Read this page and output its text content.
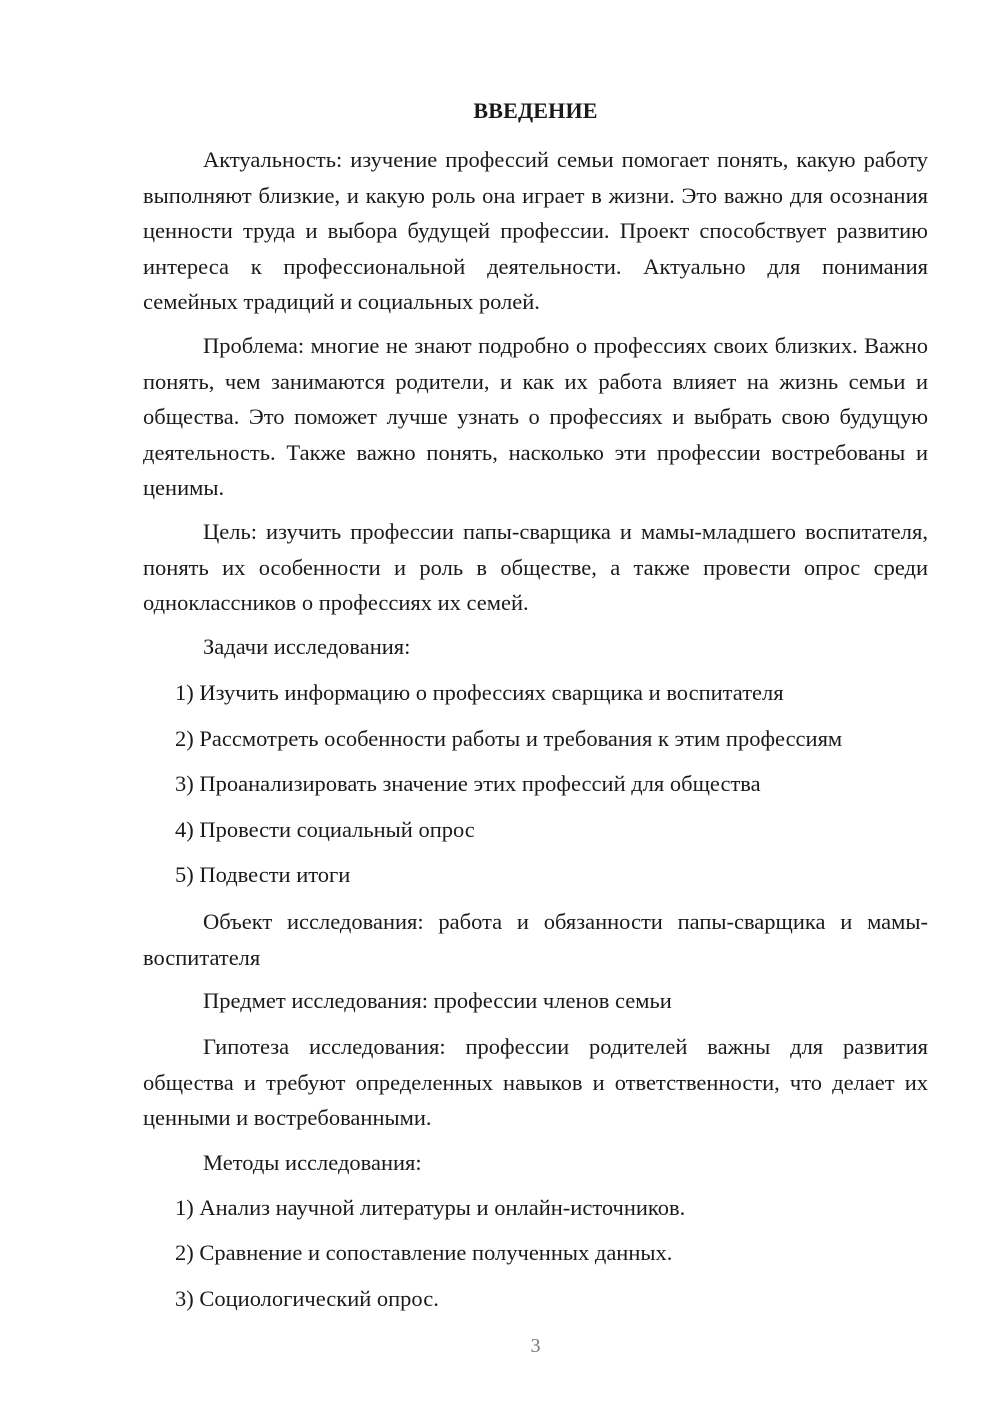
ВВЕДЕНИЕ

Актуальность: изучение профессий семьи помогает понять, какую работу выполняют близкие, и какую роль она играет в жизни. Это важно для осознания ценности труда и выбора будущей профессии. Проект способствует развитию интереса к профессиональной деятельности. Актуально для понимания семейных традиций и социальных ролей.

Проблема: многие не знают подробно о профессиях своих близких. Важно понять, чем занимаются родители, и как их работа влияет на жизнь семьи и общества. Это поможет лучше узнать о профессиях и выбрать свою будущую деятельность. Также важно понять, насколько эти профессии востребованы и ценимы.

Цель: изучить профессии папы-сварщика и мамы-младшего воспитателя, понять их особенности и роль в обществе, а также провести опрос среди одноклассников о профессиях их семей.

Задачи исследования:

1) Изучить информацию о профессиях сварщика и воспитателя

2) Рассмотреть особенности работы и требования к этим профессиям

3) Проанализировать значение этих профессий для общества

4) Провести социальный опрос

5) Подвести итоги

Объект исследования: работа и обязанности папы-сварщика и мамы-воспитателя

Предмет исследования: профессии членов семьи

Гипотеза исследования: профессии родителей важны для развития общества и требуют определенных навыков и ответственности, что делает их ценными и востребованными.

Методы исследования:

1) Анализ научной литературы и онлайн-источников.

2) Сравнение и сопоставление полученных данных.

3) Социологический опрос.

3
